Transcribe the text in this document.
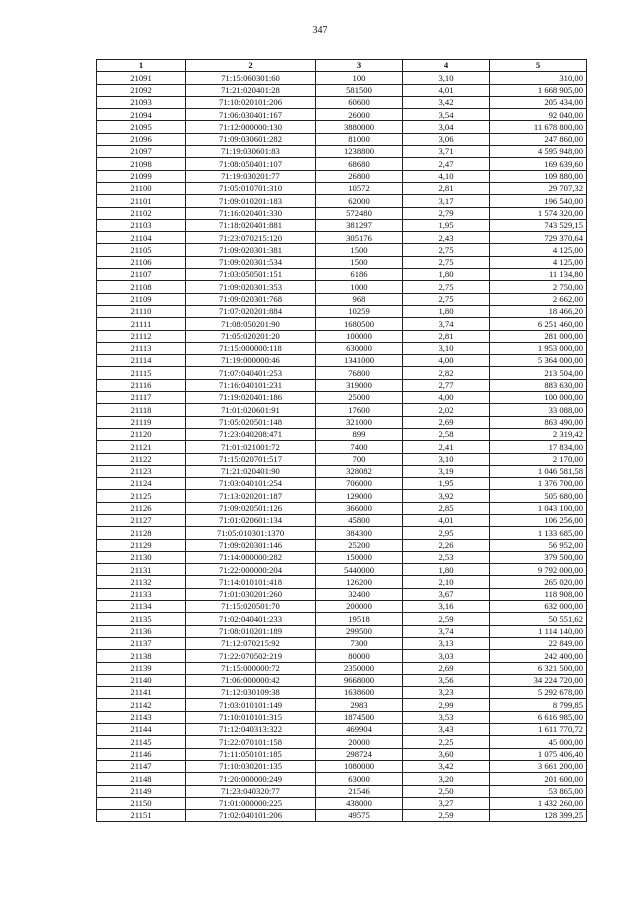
347
1	2	3	4	5
21091	71:15:060301:60	100	3,10	310,00
21092	71:21:020401:28	581500	4,01	1 668 905,00
21093	71:10:020101:206	60600	3,42	205 434,00
21094	71:06:030401:167	26000	3,54	92 040,00
21095	71:12:000000:130	3880000	3,04	11 678 800,00
21096	71:09:030601:282	81000	3,06	247 860,00
21097	71:19:030601:83	1238800	3,71	4 595 948,00
21098	71:08:050401:107	68680	2,47	169 639,60
21099	71:19:030201:77	26800	4,10	109 880,00
21100	71:05:010701:310	10572	2,81	29 707,32
21101	71:09:010201:183	62000	3,17	196 540,00
21102	71:16:020401:330	572480	2,79	1 574 320,00
21103	71:18:020401:881	381297	1,95	743 529,15
21104	71:23:070215:120	305176	2,43	729 370,64
21105	71:09:020301:381	1500	2,75	4 125,00
21106	71:09:020301:534	1500	2,75	4 125,00
21107	71:03:050501:151	6186	1,80	11 134,80
21108	71:09:020301:353	1000	2,75	2 750,00
21109	71:09:020301:768	968	2,75	2 662,00
21110	71:07:020201:884	10259	1,80	18 466,20
21111	71:08:050201:90	1680500	3,74	6 251 460,00
21112	71:05:020201:20	100000	2,81	281 000,00
21113	71:15:000000:118	630000	3,10	1 953 000,00
21114	71:19:000000:46	1341000	4,00	5 364 000,00
21115	71:07:040401:253	76800	2,82	213 504,00
21116	71:16:040101:231	319000	2,77	883 630,00
21117	71:19:020401:186	25000	4,00	100 000,00
21118	71:01:020601:91	17600	2,02	33 088,00
21119	71:05:020501:148	321000	2,69	863 490,00
21120	71:23:040208:471	899	2,58	2 319,42
21121	71:01:021001:72	7400	2,41	17 834,00
21122	71:15:020701:517	700	3,10	2 170,00
21123	71:21:020401:90	328082	3,19	1 046 581,58
21124	71:03:040101:254	706000	1,95	1 376 700,00
21125	71:13:020201:187	129000	3,92	505 680,00
21126	71:09:020501:126	366000	2,85	1 043 100,00
21127	71:01:020601:134	45800	4,01	106 256,00
21128	71:05:010301:1370	384300	2,95	1 133 685,00
21129	71:09:020301:146	25200	2,26	56 952,00
21130	71:14:000000:282	150000	2,53	379 500,00
21131	71:22:000000:204	5440000	1,80	9 792 000,00
21132	71:14:010101:418	126200	2,10	265 020,00
21133	71:01:030201:260	32400	3,67	118 908,00
21134	71:15:020501:70	200000	3,16	632 000,00
21135	71:02:040401:233	19518	2,59	50 551,62
21136	71:08:010201:189	299500	3,74	1 114 140,00
21137	71:12:070215:92	7300	3,13	22 849,00
21138	71:22:070502:219	80000	3,03	242 400,00
21139	71:15:000000:72	2350000	2,69	6 321 500,00
21140	71:06:000000:42	9668000	3,56	34 224 720,00
21141	71:12:030109:38	1638600	3,23	5 292 678,00
21142	71:03:010101:149	2983	2,99	8 799,85
21143	71:10:010101:315	1874500	3,53	6 616 985,00
21144	71:12:040313:322	469904	3,43	1 611 770,72
21145	71:22:070101:158	20000	2,25	45 000,00
21146	71:11:050101:185	298724	3,60	1 075 406,40
21147	71:10:030201:135	1080000	3,42	3 661 200,00
21148	71:20:000000:249	63000	3,20	201 600,00
21149	71:23:040320:77	21546	2,50	53 865,00
21150	71:01:000000:225	438000	3,27	1 432 260,00
21151	71:02:040101:206	49575	2,59	128 399,25
